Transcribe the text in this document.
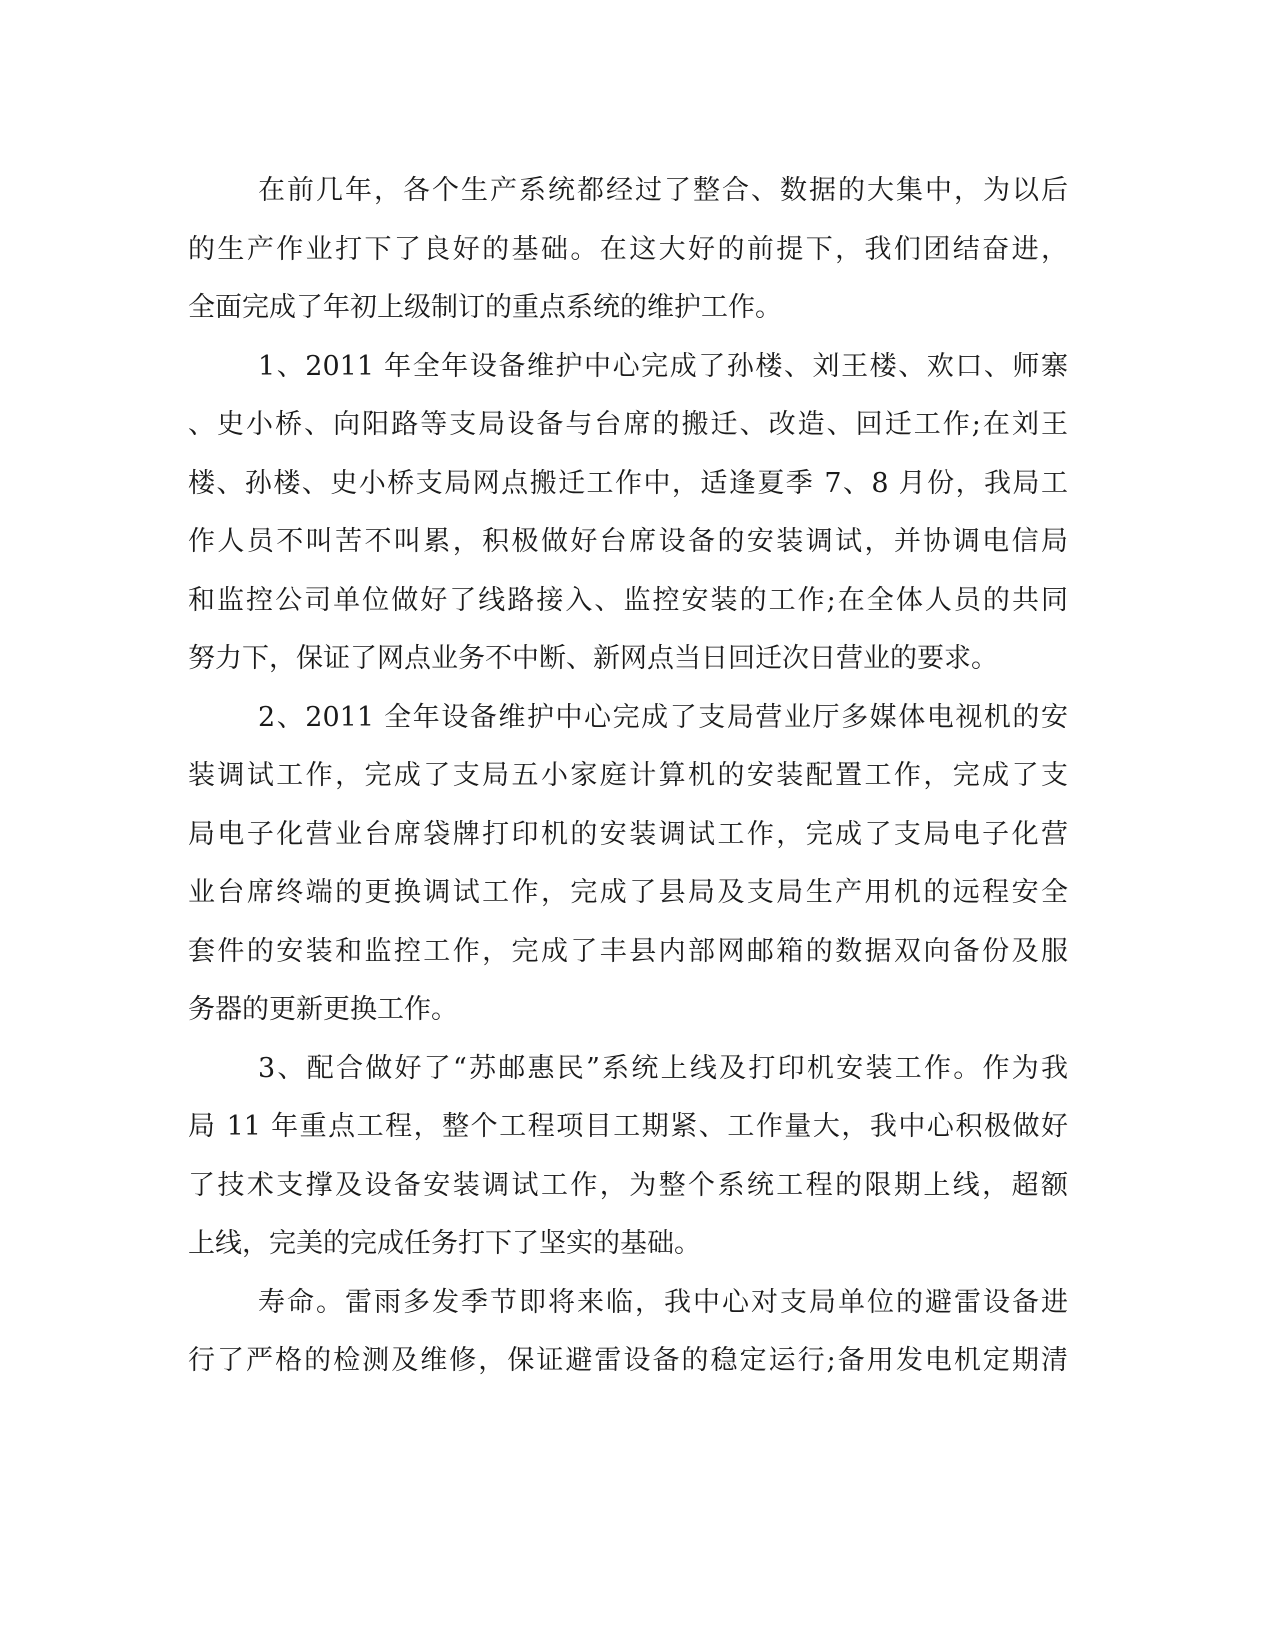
在前几年，各个生产系统都经过了整合、数据的大集中，为以后
的生产作业打下了良好的基础。在这大好的前提下，我们团结奋进，
全面完成了年初上级制订的重点系统的维护工作。
1、2011 年全年设备维护中心完成了孙楼、刘王楼、欢口、师寨
、史小桥、向阳路等支局设备与台席的搬迁、改造、回迁工作;在刘王
楼、孙楼、史小桥支局网点搬迁工作中，适逢夏季 7、8 月份，我局工
作人员不叫苦不叫累，积极做好台席设备的安装调试，并协调电信局
和监控公司单位做好了线路接入、监控安装的工作;在全体人员的共同
努力下，保证了网点业务不中断、新网点当日回迁次日营业的要求。
2、2011 全年设备维护中心完成了支局营业厅多媒体电视机的安
装调试工作，完成了支局五小家庭计算机的安装配置工作，完成了支
局电子化营业台席袋牌打印机的安装调试工作，完成了支局电子化营
业台席终端的更换调试工作，完成了县局及支局生产用机的远程安全
套件的安装和监控工作，完成了丰县内部网邮箱的数据双向备份及服
务器的更新更换工作。
3、配合做好了“苏邮惠民”系统上线及打印机安装工作。作为我
局 11 年重点工程，整个工程项目工期紧、工作量大，我中心积极做好
了技术支撑及设备安装调试工作，为整个系统工程的限期上线，超额
上线，完美的完成任务打下了坚实的基础。
寿命。雷雨多发季节即将来临，我中心对支局单位的避雷设备进
行了严格的检测及维修，保证避雷设备的稳定运行;备用发电机定期清
